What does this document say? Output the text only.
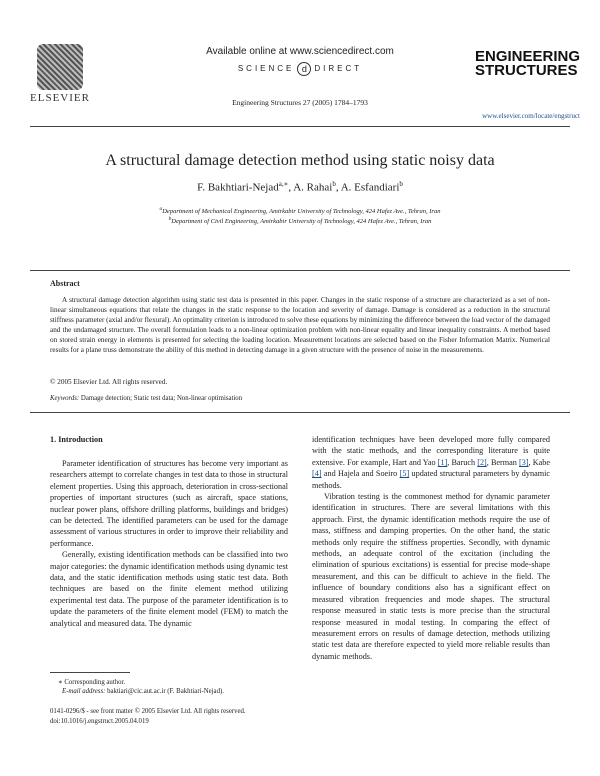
ELSEVIER
Available online at www.sciencedirect.com
SCIENCE d DIRECT
Engineering Structures 27 (2005) 1784–1793
ENGINEERING
STRUCTURES
www.elsevier.com/locate/engstruct
A structural damage detection method using static noisy data
F. Bakhtiari-Nejad$^{a,∗}$, A. Rahai$^b$, A. Esfandiari$^b$
$^a$Department of Mechanical Engineering, Amirkabir University of Technology, 424 Hafez Ave., Tehran, Iran
$^b$Department of Civil Engineering, Amirkabir University of Technology, 424 Hafez Ave., Tehran, Iran
Abstract
A structural damage detection algorithm using static test data is presented in this paper. Changes in the static response of a structure are characterized as a set of non-linear simultaneous equations that relate the changes in the static response to the location and severity of damage. Damage is considered as a reduction in the structural stiffness parameter (axial and/or flexural). An optimality criterion is introduced to solve these equations by minimizing the difference between the load vector of the damaged and the undamaged structure. The overall formulation leads to a non-linear optimization problem with non-linear equality and linear inequality constraints. A method based on stored strain energy in elements is presented for selecting the loading location. Measurement locations are selected based on the Fisher Information Matrix. Numerical results for a plane truss demonstrate the ability of this method in detecting damage in a given structure with the presence of noise in the measurements.
© 2005 Elsevier Ltd. All rights reserved.
Keywords: Damage detection; Static test data; Non-linear optimisation
1. Introduction

Parameter identification of structures has become very important as researchers attempt to correlate changes in test data to those in structural element properties. Using this approach, deterioration in cross-sectional properties of important structures (such as aircraft, space stations, nuclear power plans, offshore drilling platforms, buildings and bridges) can be detected. The identified parameters can be used for the damage assessment of various structures in order to improve their reliability and performance.

Generally, existing identification methods can be classified into two major categories: the dynamic identification methods using dynamic test data, and the static identification methods using static test data. Both techniques are based on the finite element method utilizing experimental test data. The purpose of the parameter identification is to update the parameters of the finite element model (FEM) to match the analytical and measured data. The dynamic

identification techniques have been developed more fully compared with the static methods, and the corresponding literature is quite extensive. For example, Hart and Yao [1], Baruch [2], Berman [3], Kabe [4] and Hajela and Soeiro [5] updated structural parameters by dynamic methods.

Vibration testing is the commonest method for dynamic parameter identification in structures. There are several limitations with this approach. First, the dynamic identification methods require the use of mass, stiffness and damping properties. On the other hand, the static methods only require the stiffness properties. Secondly, with dynamic methods, an adequate control of the excitation (including the elimination of spurious excitations) is essential for precise mode-shape measurement, and this can be difficult to achieve in the field. The influence of boundary conditions also has a significant effect on measured vibration frequencies and mode shapes. The structural response measured in static tests is more precise than the structural response measured in modal testing. In comparing the effect of measurement errors on results of damage detection, methods utilizing static test data are therefore expected to yield more reliable results than dynamic methods.

∗ Corresponding author.
E-mail address: baktiari@cic.aut.ac.ir (F. Bakhtiari-Nejad).
0141-0296/$ - see front matter © 2005 Elsevier Ltd. All rights reserved.
doi:10.1016/j.engstruct.2005.04.019
